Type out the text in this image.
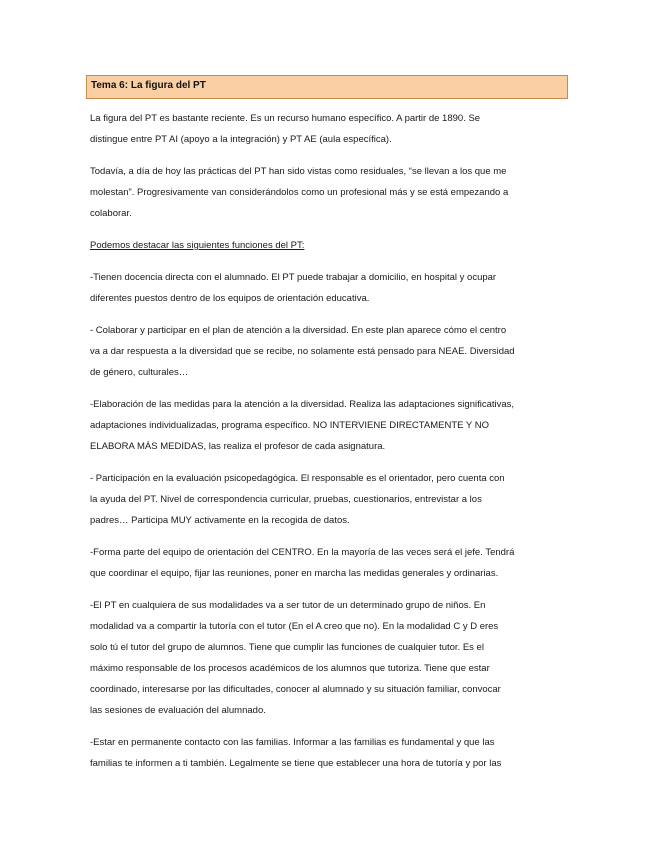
Tema 6: La figura del PT
La figura del PT es bastante reciente. Es un recurso humano específico. A partir de 1890. Se
distingue entre PT AI (apoyo a la integración) y PT AE (aula específica).
Todavía, a día de hoy las prácticas del PT han sido vistas como residuales, “se llevan a los que me
molestan”. Progresivamente van considerándolos como un profesional más y se está empezando a
colaborar.
Podemos destacar las siguientes funciones del PT:
-Tienen docencia directa con el alumnado. El PT puede trabajar a domicilio, en hospital y ocupar
diferentes puestos dentro de los equipos de orientación educativa.
- Colaborar y participar en el plan de atención a la diversidad. En este plan aparece cómo el centro
va a dar respuesta a la diversidad que se recibe, no solamente está pensado para NEAE. Diversidad
de género, culturales…
-Elaboración de las medidas para la atención a la diversidad. Realiza las adaptaciones significativas,
adaptaciones individualizadas, programa específico. NO INTERVIENE DIRECTAMENTE Y NO
ELABORA MÁS MEDIDAS, las realiza el profesor de cada asignatura.
- Participación en la evaluación psicopedagógica. El responsable es el orientador, pero cuenta con
la ayuda del PT. Nivel de correspondencia curricular, pruebas, cuestionarios, entrevistar a los
padres… Participa MUY activamente en la recogida de datos.
-Forma parte del equipo de orientación del CENTRO. En la mayoría de las veces será el jefe. Tendrá
que coordinar el equipo, fijar las reuniones, poner en marcha las medidas generales y ordinarias.
-El PT en cualquiera de sus modalidades va a ser tutor de un determinado grupo de niños. En
modalidad va a compartir la tutoría con el tutor (En el A creo que no). En la modalidad C y D eres
solo tú el tutor del grupo de alumnos. Tiene que cumplir las funciones de cualquier tutor. Es el
máximo responsable de los procesos académicos de los alumnos que tutoriza. Tiene que estar
coordinado, interesarse por las dificultades, conocer al alumnado y su situación familiar, convocar
las sesiones de evaluación del alumnado.
-Estar en permanente contacto con las familias. Informar a las familias es fundamental y que las
familias te informen a ti también. Legalmente se tiene que establecer una hora de tutoría y por las
